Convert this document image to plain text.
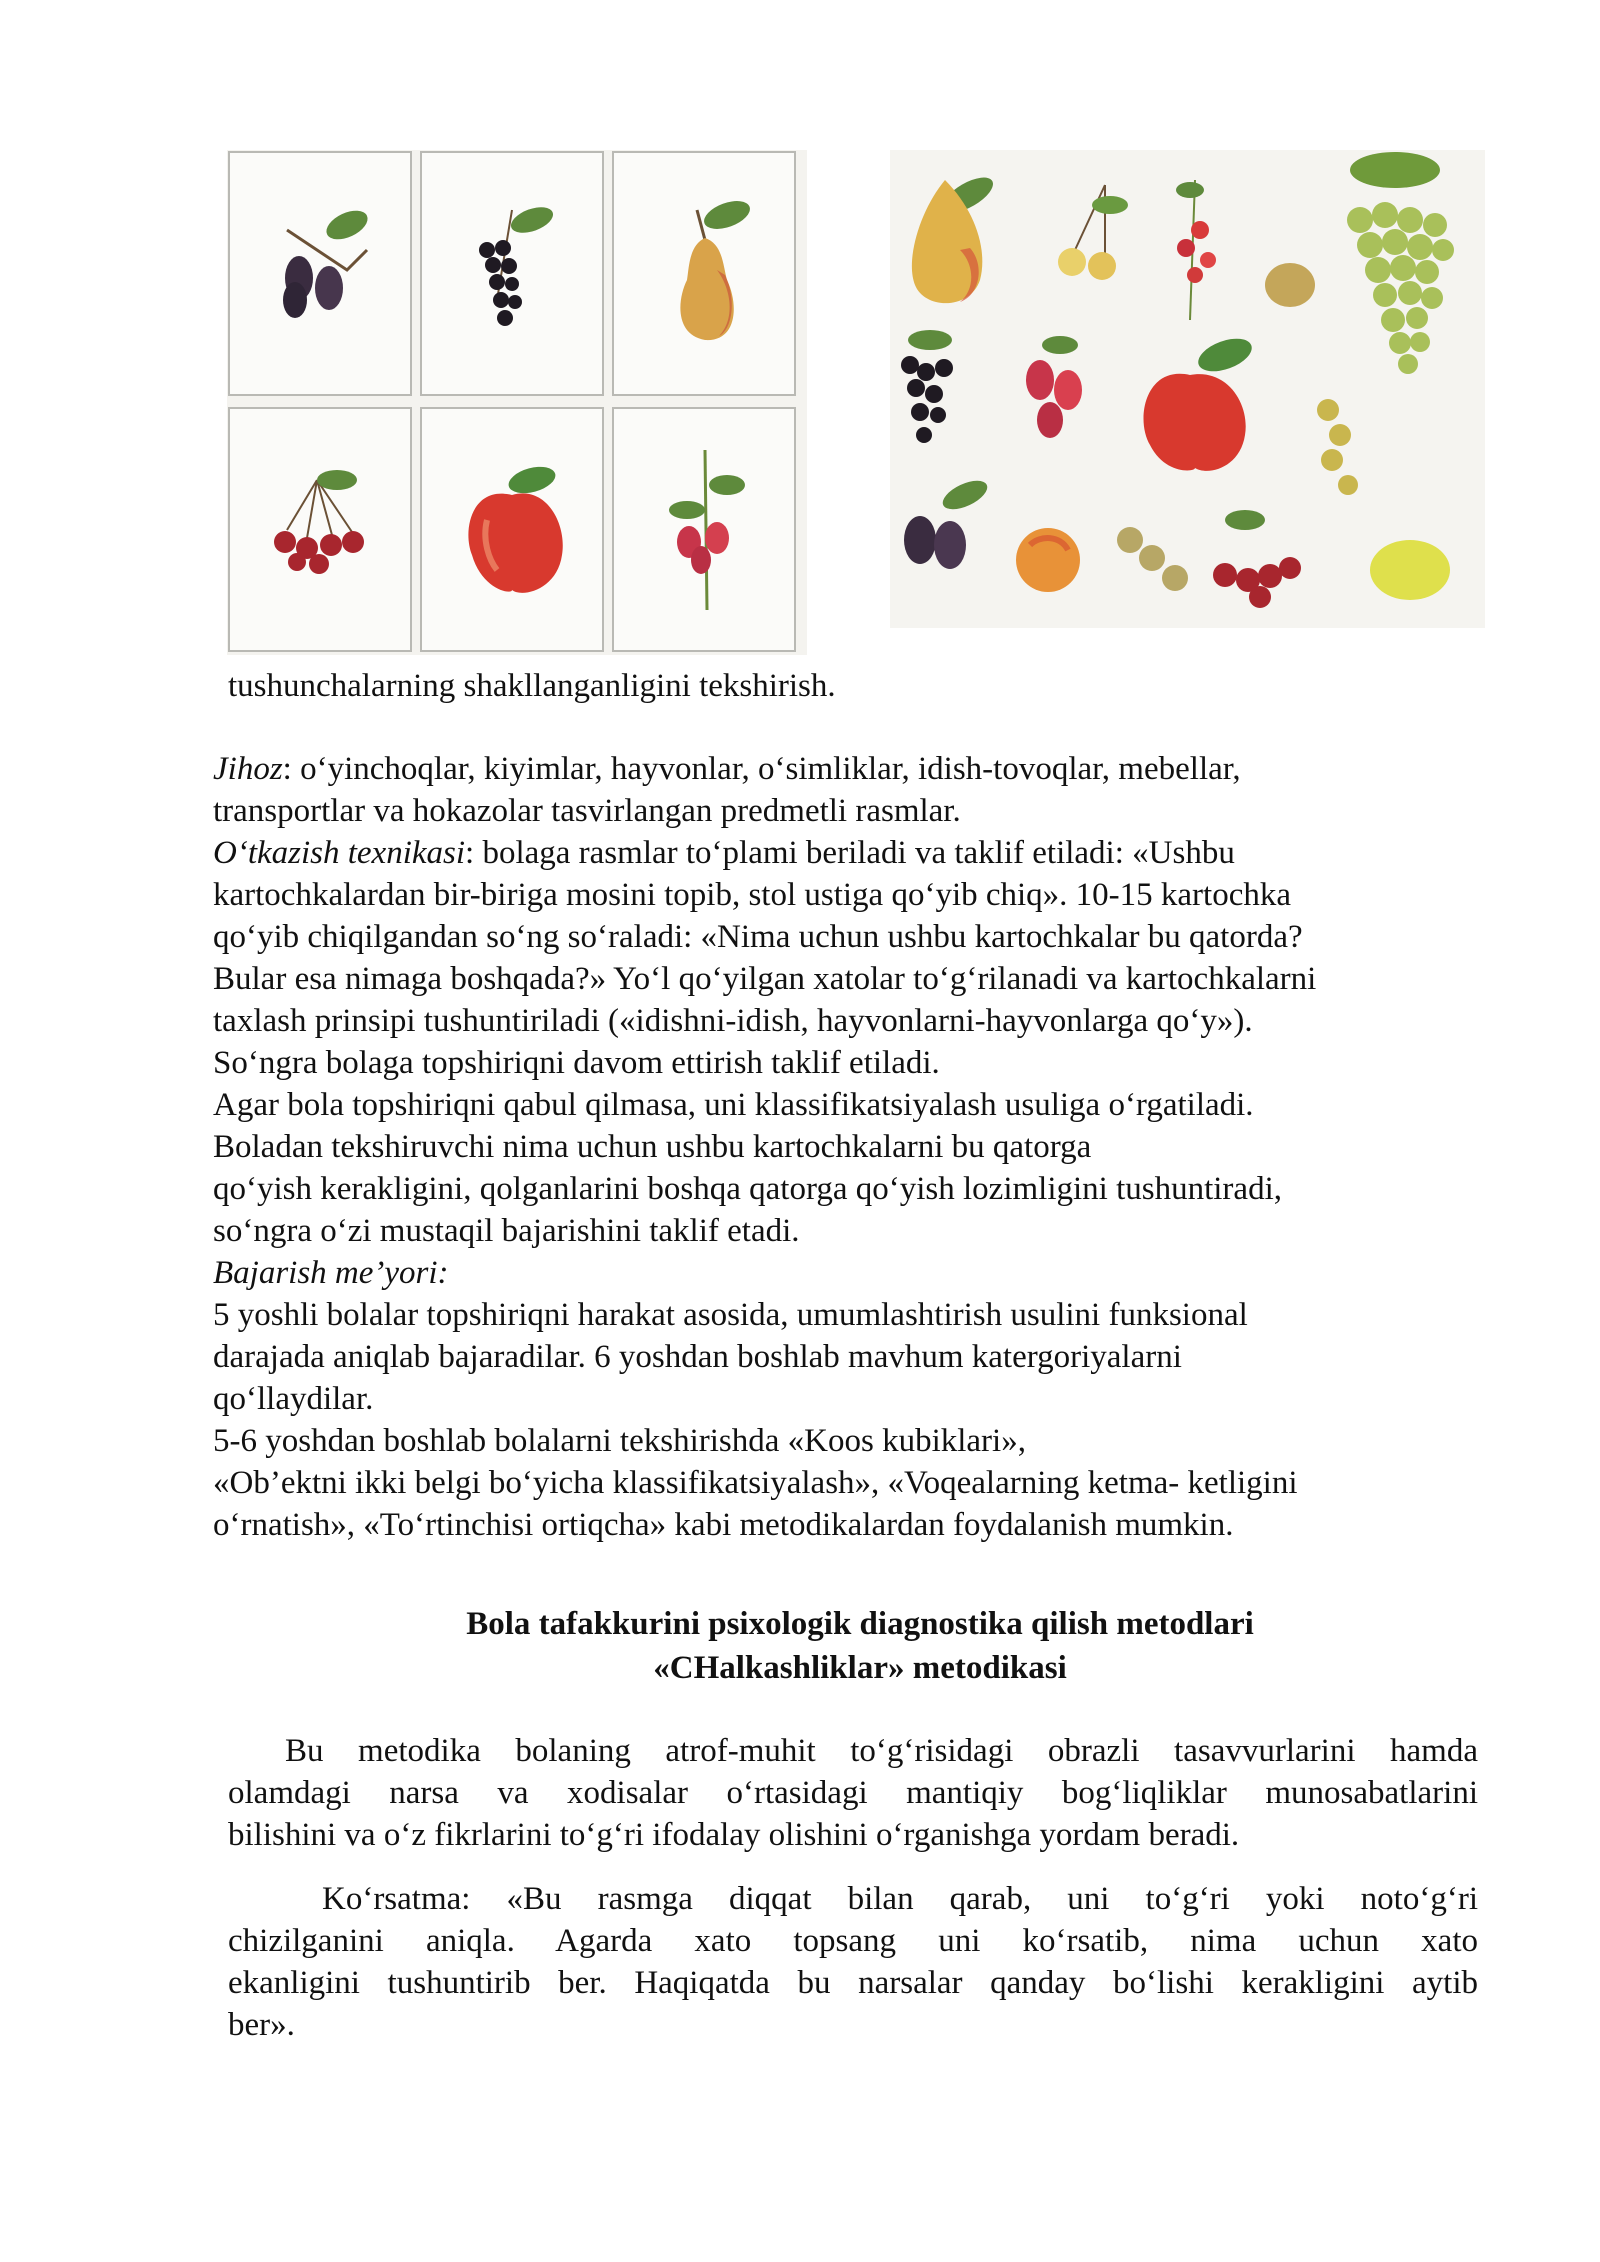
tushunchalarning shakllanganligini tekshirish.
Jihoz: o‘yinchoqlar, kiyimlar, hayvonlar, o‘simliklar, idish-tovoqlar, mebellar,
transportlar va hokazolar tasvirlangan predmetli rasmlar.
O‘tkazish texnikasi: bolaga rasmlar to‘plami beriladi va taklif etiladi: «Ushbu
kartochkalardan bir-biriga mosini topib, stol ustiga qo‘yib chiq». 10-15 kartochka
qo‘yib chiqilgandan so‘ng so‘raladi: «Nima uchun ushbu kartochkalar bu qatorda?
Bular esa nimaga boshqada?» Yo‘l qo‘yilgan xatolar to‘g‘rilanadi va kartochkalarni
taxlash prinsipi tushuntiriladi («idishni-idish, hayvonlarni-hayvonlarga qo‘y»).
So‘ngra bolaga topshiriqni davom ettirish taklif etiladi.
Agar bola topshiriqni qabul qilmasa, uni klassifikatsiyalash usuliga o‘rgatiladi.
Boladan tekshiruvchi nima uchun ushbu kartochkalarni bu qatorga
qo‘yish kerakligini, qolganlarini boshqa qatorga qo‘yish lozimligini tushuntiradi,
so‘ngra o‘zi mustaqil bajarishini taklif etadi.
Bajarish me’yori:
5 yoshli bolalar topshiriqni harakat asosida, umumlashtirish usulini funksional
darajada aniqlab bajaradilar. 6 yoshdan boshlab mavhum katergoriyalarni
qo‘llaydilar.
5-6 yoshdan boshlab bolalarni tekshirishda «Koos kubiklari»,
«Ob’ektni ikki belgi bo‘yicha klassifikatsiyalash», «Voqealarning ketma- ketligini
o‘rnatish», «To‘rtinchisi ortiqcha» kabi metodikalardan foydalanish mumkin.
Bola tafakkurini psixologik diagnostika qilish metodlari
«CHalkashliklar» metodikasi
Bu metodika bolaning atrof-muhit to‘g‘risidagi obrazli tasavvurlarini hamda
olamdagi narsa va xodisalar o‘rtasidagi mantiqiy bog‘liqliklar munosabatlarini
bilishini va o‘z fikrlarini to‘g‘ri ifodalay olishini o‘rganishga yordam beradi.
Ko‘rsatma: «Bu rasmga diqqat bilan qarab, uni to‘g‘ri yoki noto‘g‘ri
chizilganini aniqla. Agarda xato topsang uni ko‘rsatib, nima uchun xato
ekanligini tushuntirib ber. Haqiqatda bu narsalar qanday bo‘lishi kerakligini aytib
ber».
